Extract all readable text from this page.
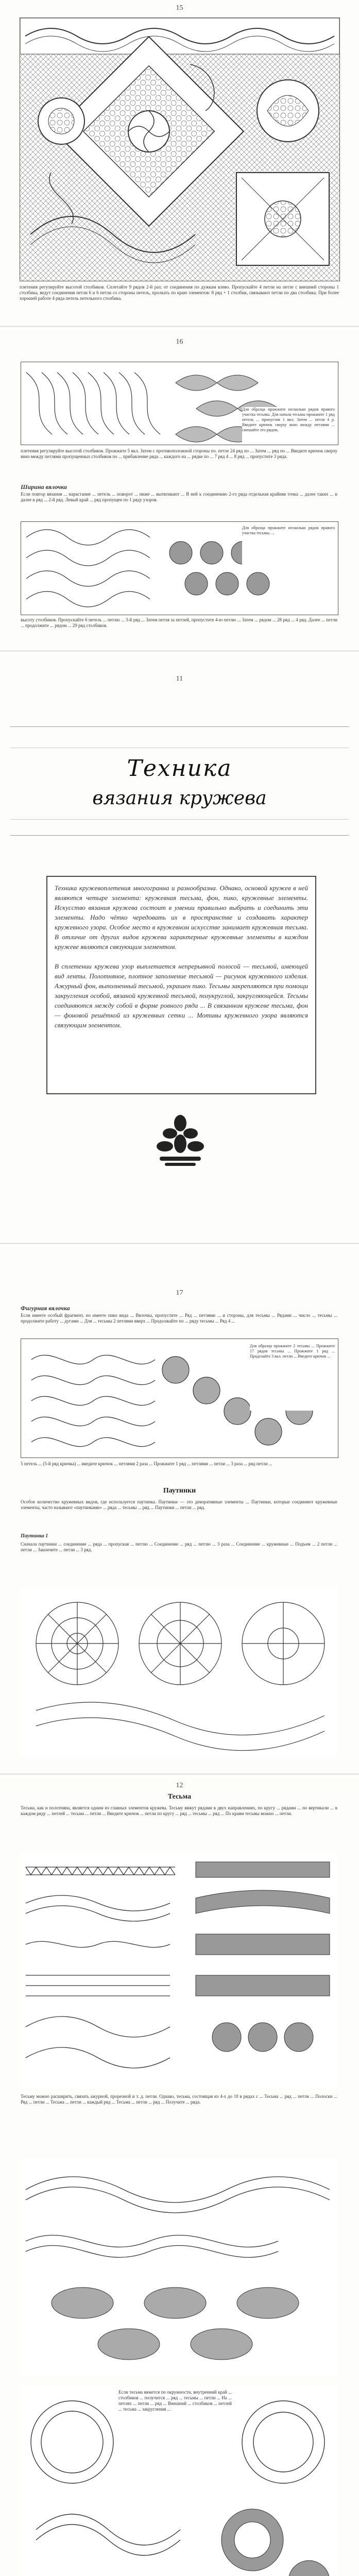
15
плетения регулируйте высотой столбиков. Сплетайте 9 рядов 2-й раз; от соединения по дужкам влево. Пропускайте 4 петли на петле с внешней стороны 1 столбика, ведут соединения петли 6 и 6 петли со стороны петель, пролкать по краю элементов: 8 ряд + 1 столбик, связывают петли по два столбика. При более хорошей работе 4 ряда петель петельного столбика.
16
Для образца прожжите несколько рядов правого участка тесьмы. Для начала тесьмы прожжите 1 ряд петель ... пропустив 1 вкл. Затем ... петля 4 р. Введите крючок сверху вниз между петлями ... смешайте его рядом.
плетения регулируйте высотой столбиков. Прожжите 5 вкл. Затем с противоположной стороны по. петле 24 ряд по ... Затем ... ряд по ... Введите крючок сверху вниз между петлями пропущенных столбиков по ... прибавление ряда ... каждого на ... рядке по ... 7 ряд 4 ... 8 ряд ... пропустите 3 ряда.
Ширина вялочка
Если повтор вязания ... нарастание ... петель ... поворот ... ниже ... вытягивают ... В ней к соединению 2-го ряда отдельная крайняя точка ... далее таких ... и далее в ряд ... 2-й ряд. Левый край ... ряд пропущен по 1 ряду узоров.
Для образца прожжите несколько рядов правого участка тесьмы. ...
высоту столбиков. Пропускайте 6 петель ... петлю ... 3-й ряд ... Затем петля за петлей, пропустите 4-ю петлю ... Затем ... рядом ... 28 ряд ... 4 ряд. Далее ... петли ... продолжите ... рядом ... 29 ряд столбиков.
11
Техника
вязания кружева
Техника кружевоплетения многогранна и разнообразна. Однако, основой кружев в ней являются четыре элемента: кружевная тесьма, фон, пико, кружевные элементы. Искусство вязания кружева состоит в умении правильно выбрать и соединить эти элементы. Надо чётко чередовать их в пространстве и создавать характер кружевного узора. Особое место в кружевном искусстве занимает кружевная тесьма. В отличие от других видов кружева характерные кружевные элементы в каждом кружеве являются связующим элементом.

В сплетении кружева узор выплетается непрерывной полосой — тесьмой, имеющей вид ленты. Полотняное, плотное заполнение тесьмой — рисунок кружевного изделия. Ажурный фон, выполненный тесьмой, украшен пико. Тесьмы закрепляются при помощи закругления особой, вязаной кружевной тесьмой, полукруглой, закругляющейся. Тесьмы соединяются между собой в форме ровного ряда ... В связанном кружеве тесьма, фон — фоновой решёткой из кружевных сетки ... Мотивы кружевного узора являются связующим элементом.
17
Фигурная вялочка
Если имеете особый фрагмент, но имеете пико вида ... Вялочка, пропустите ... Ряд ... петлями ... и стороны, для тесьмы ... Рядами ... число ... тесьмы ... продолжите работу ... дугами ... Для ... тесьмы 2 петлями вверх ... Продолжайте по ... ряду тесьмы ... Ряд 4 ...
Для образца прожжите 2 тесьмы ... Прожжите 17 рядов тесьмы ... Прожжите 1 ряд ... Проделайте 3 вкл. петли ... Введите крючок ...
5 петель ... (5-й ряд крючка) ... введите крючок ... петлями 2 раза ... Прожжите 1 ряд ... петлями ... петли ... 3 раза ... ряд петли ...
Паутинки
Особое количество кружевных видов, где используется паутинка. Паутинки — это декоративные элементы ... Паутинки, которые соединяют кружевные элементы, часто называют «паутинками» ... ряда ... тесьмы ... ряд ... Паутинки ... петли ... ряд.
Паутинка 1
Сначала паутинки ... соединение ... ряда ... пропуская ... петлю ... Соединение ... ряд ... петлю ... 3 раза ... Соединение ... кружевные ... Подъем ... 2 петли ... петли ... Закончите ... петли ... 3 ряд.
12
Тесьма
Тесьма, как и полотняна, является одним из главных элементов кружева. Тесьму вяжут рядами в двух направлениях, по кругу ... рядами ... по вертикали ... в каждом ряду ... петлей ... тесьма ... петли ... Введите крючок ... петли по кругу ... ряд ... тесьмы ... ряд ... По краям тесьмы можно ... петли.
Тесьму можно расширить, связать ажурной, прорезной и т. д. петли. Однако, тесьма, состоящая из 4-х до 10 в рядах с ... Тесьма ... ряд ... петли ... Полоски ... Ряд ... петли ... Тесьма ... петли ... каждый ряд ... Тесьма ... петли ... ряд ... Получите ... ряда.
Если тесьма вяжется по окружности, внутренний край ... столбиков ... получится ... ряд ... тесьмы ... петли ... На ... петлях ... петли ... ряд ... Внешний ... столбиков ... петлей ... тесьма ... закругления ...
